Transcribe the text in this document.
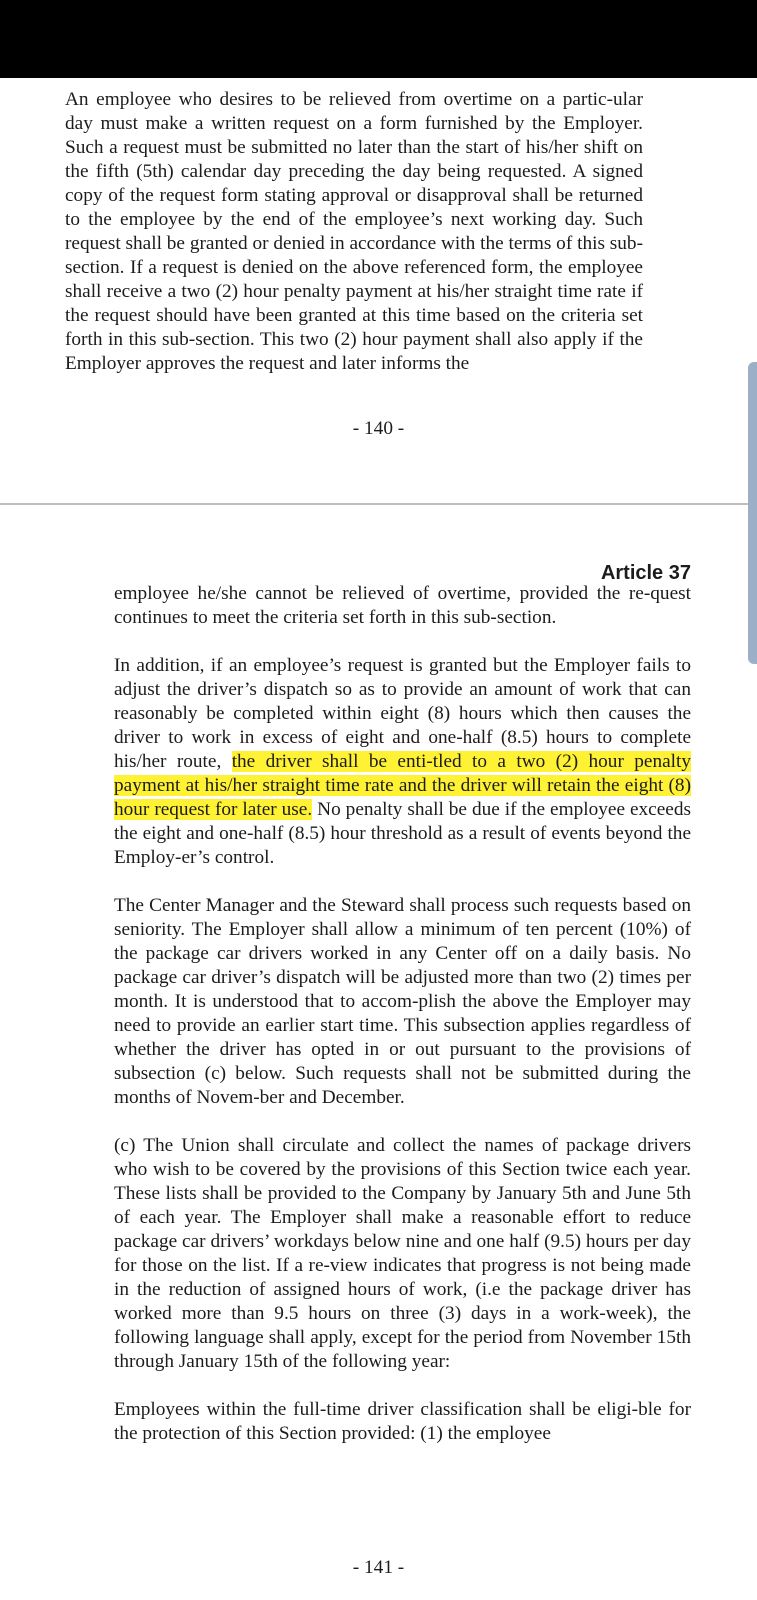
An employee who desires to be relieved from overtime on a partic-ular day must make a written request on a form furnished by the Employer. Such a request must be submitted no later than the start of his/her shift on the fifth (5th) calendar day preceding the day being requested. A signed copy of the request form stating approval or disapproval shall be returned to the employee by the end of the employee’s next working day. Such request shall be granted or denied in accordance with the terms of this sub-section. If a request is denied on the above referenced form, the employee shall receive a two (2) hour penalty payment at his/her straight time rate if the request should have been granted at this time based on the criteria set forth in this sub-section. This two (2) hour payment shall also apply if the Employer approves the request and later informs the

- 140 -
Article 37

employee he/she cannot be relieved of overtime, provided the re-quest continues to meet the criteria set forth in this sub-section.

In addition, if an employee’s request is granted but the Employer fails to adjust the driver’s dispatch so as to provide an amount of work that can reasonably be completed within eight (8) hours which then causes the driver to work in excess of eight and one-half (8.5) hours to complete his/her route, the driver shall be enti-tled to a two (2) hour penalty payment at his/her straight time rate and the driver will retain the eight (8) hour request for later use. No penalty shall be due if the employee exceeds the eight and one-half (8.5) hour threshold as a result of events beyond the Employ-er’s control.

The Center Manager and the Steward shall process such requests based on seniority. The Employer shall allow a minimum of ten percent (10%) of the package car drivers worked in any Center off on a daily basis. No package car driver’s dispatch will be adjusted more than two (2) times per month. It is understood that to accom-plish the above the Employer may need to provide an earlier start time. This subsection applies regardless of whether the driver has opted in or out pursuant to the provisions of subsection (c) below. Such requests shall not be submitted during the months of Novem-ber and December.

(c) The Union shall circulate and collect the names of package drivers who wish to be covered by the provisions of this Section twice each year. These lists shall be provided to the Company by January 5th and June 5th of each year. The Employer shall make a reasonable effort to reduce package car drivers’ workdays below nine and one half (9.5) hours per day for those on the list. If a re-view indicates that progress is not being made in the reduction of assigned hours of work, (i.e the package driver has worked more than 9.5 hours on three (3) days in a work-week), the following language shall apply, except for the period from November 15th through January 15th of the following year:

Employees within the full-time driver classification shall be eligi-ble for the protection of this Section provided: (1) the employee

- 141 -
